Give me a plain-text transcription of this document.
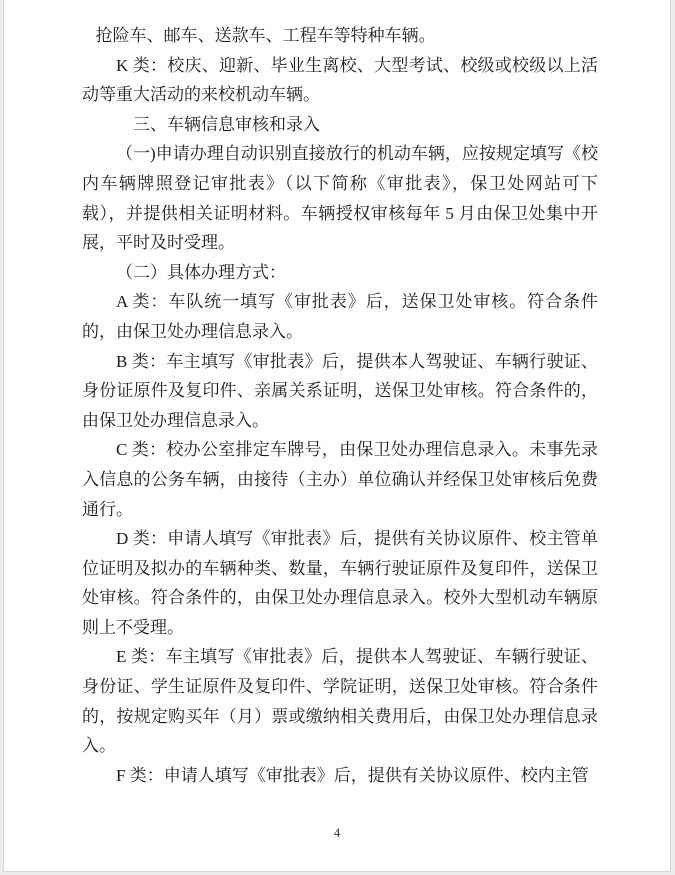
抢险车、邮车、送款车、工程车等特种车辆。

K 类：校庆、迎新、毕业生离校、大型考试、校级或校级以上活动等重大活动的来校机动车辆。

三、车辆信息审核和录入

（一)申请办理自动识别直接放行的机动车辆，应按规定填写《校内车辆牌照登记审批表》（以下简称《审批表》，保卫处网站可下载），并提供相关证明材料。车辆授权审核每年 5 月由保卫处集中开展，平时及时受理。

（二）具体办理方式：

A 类：车队统一填写《审批表》后，送保卫处审核。符合条件的，由保卫处办理信息录入。

B 类：车主填写《审批表》后，提供本人驾驶证、车辆行驶证、身份证原件及复印件、亲属关系证明，送保卫处审核。符合条件的，由保卫处办理信息录入。

C 类：校办公室排定车牌号，由保卫处办理信息录入。未事先录入信息的公务车辆，由接待（主办）单位确认并经保卫处审核后免费通行。

D 类：申请人填写《审批表》后，提供有关协议原件、校主管单位证明及拟办的车辆种类、数量，车辆行驶证原件及复印件，送保卫处审核。符合条件的，由保卫处办理信息录入。校外大型机动车辆原则上不受理。

E 类：车主填写《审批表》后，提供本人驾驶证、车辆行驶证、身份证、学生证原件及复印件、学院证明，送保卫处审核。符合条件的，按规定购买年（月）票或缴纳相关费用后，由保卫处办理信息录入。

F 类：申请人填写《审批表》后，提供有关协议原件、校内主管

4
